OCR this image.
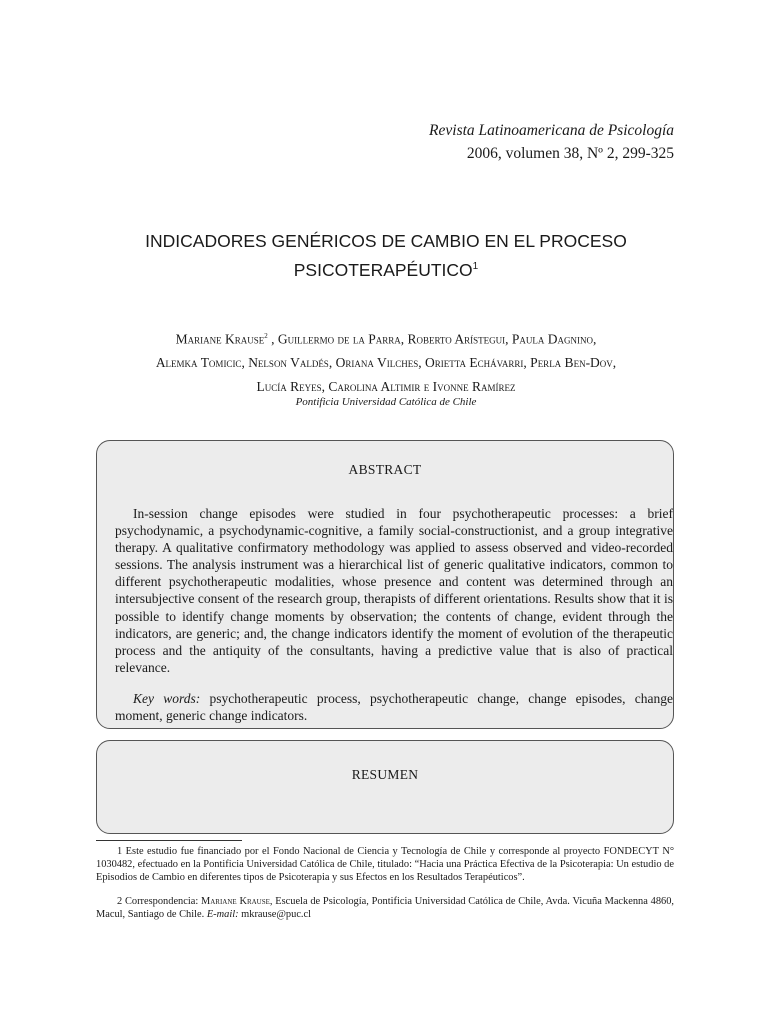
Revista Latinoamericana de Psicología
2006, volumen 38, Nº 2, 299-325
INDICADORES GENÉRICOS DE CAMBIO EN EL PROCESO
PSICOTERAPÉUTICO$^1$
Mariane Krause$^2$ , Guillermo de la Parra, Roberto Arístegui, Paula Dagnino,
Alemka Tomicic, Nelson Valdés, Oriana Vilches, Orietta Echávarri, Perla Ben-Dov,
Lucía Reyes, Carolina Altimir e Ivonne Ramírez
Pontificia Universidad Católica de Chile
ABSTRACT

In-session change episodes were studied in four psychotherapeutic processes: a brief psychodynamic, a psychodynamic-cognitive, a family social-constructionist, and a group integrative therapy. A qualitative confirmatory methodology was applied to assess observed and video-recorded sessions. The analysis instrument was a hierarchical list of generic qualitative indicators, common to different psychotherapeutic modalities, whose presence and content was determined through an intersubjective consent of the research group, therapists of different orientations. Results show that it is possible to identify change moments by observation; the contents of change, evident through the indicators, are generic; and, the change indicators identify the moment of evolution of the therapeutic process and the antiquity of the consultants, having a predictive value that is also of practical relevance.

Key words: psychotherapeutic process, psychotherapeutic change, change episodes, change moment, generic change indicators.

RESUMEN

1 Este estudio fue financiado por el Fondo Nacional de Ciencia y Tecnología de Chile y corresponde al proyecto FONDECYT N° 1030482, efectuado en la Pontificia Universidad Católica de Chile, titulado: “Hacia una Práctica Efectiva de la Psicoterapia: Un estudio de Episodios de Cambio en diferentes tipos de Psicoterapia y sus Efectos en los Resultados Terapéuticos”.

2 Correspondencia: Mariane Krause, Escuela de Psicología, Pontificia Universidad Católica de Chile, Avda. Vicuña Mackenna 4860, Macul, Santiago de Chile. E-mail: mkrause@puc.cl
